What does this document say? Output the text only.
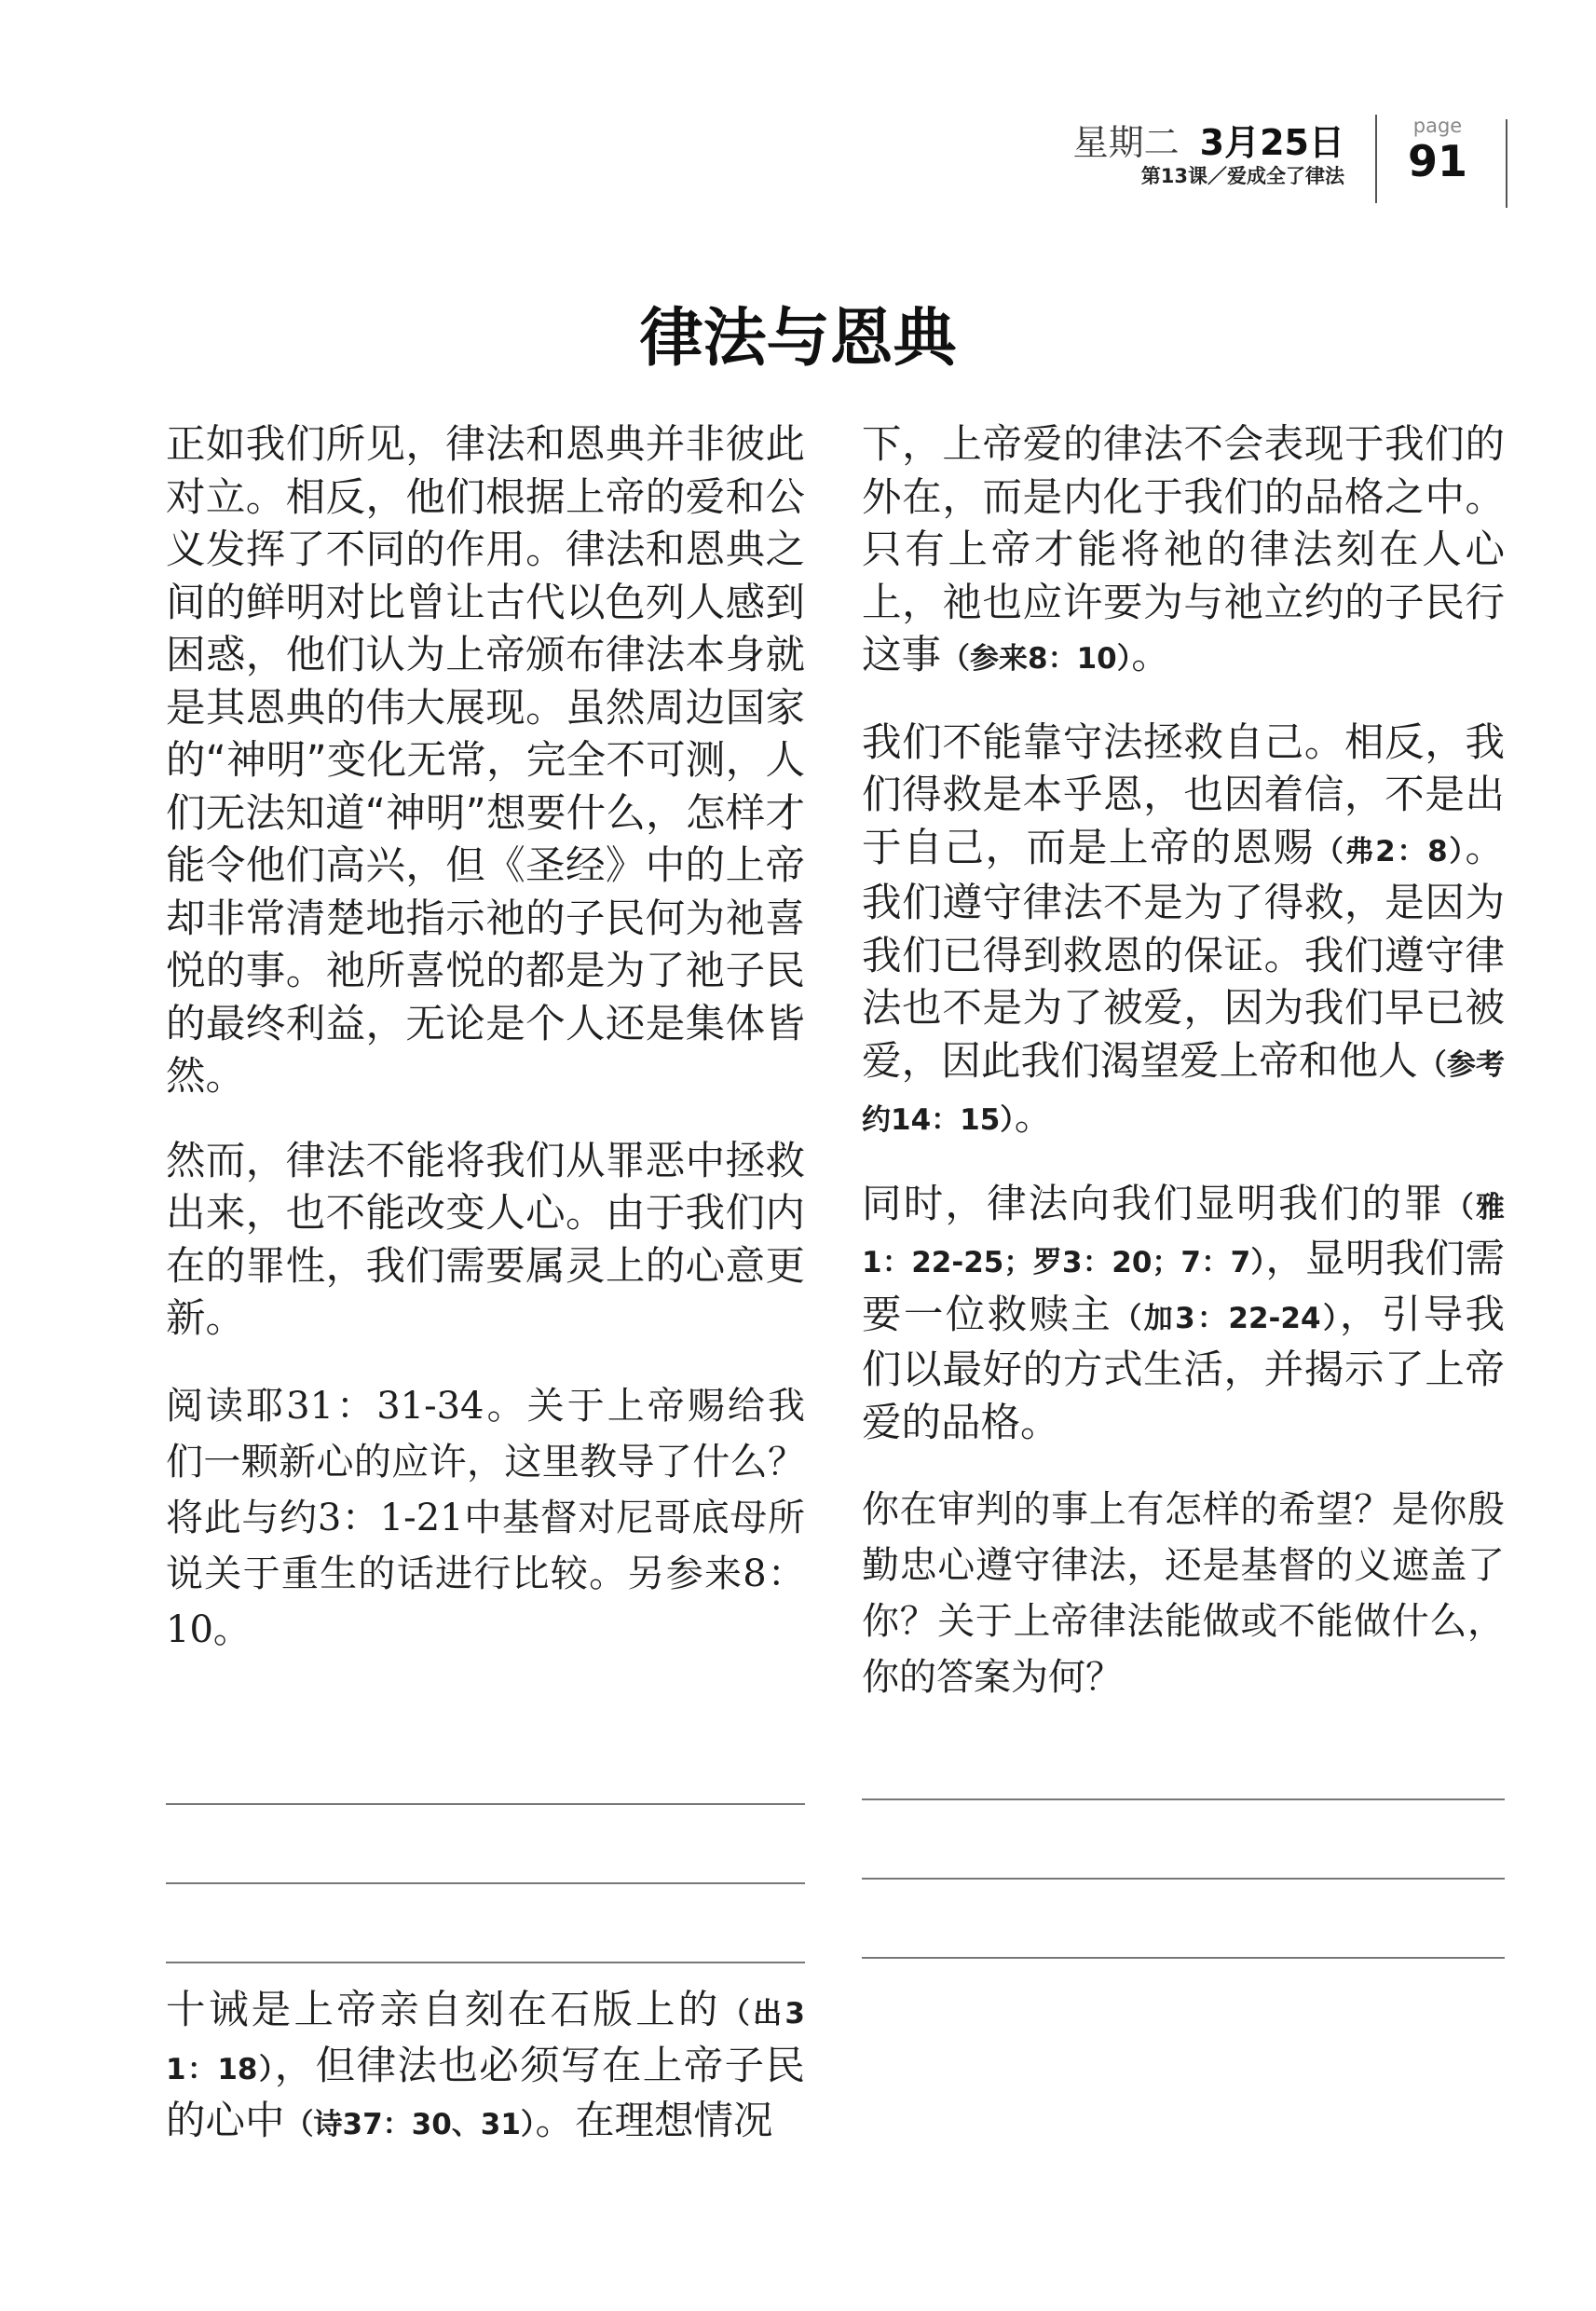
星期二 3月25日
第13课／爱成全了律法
page
91
律法与恩典

正如我们所见，律法和恩典并非彼此对立。相反，他们根据上帝的爱和公义发挥了不同的作用。律法和恩典之间的鲜明对比曾让古代以色列人感到困惑，他们认为上帝颁布律法本身就是其恩典的伟大展现。虽然周边国家的“神明”变化无常，完全不可测，人们无法知道“神明”想要什么，怎样才能令他们高兴，但《圣经》中的上帝却非常清楚地指示祂的子民何为祂喜悦的事。祂所喜悦的都是为了祂子民的最终利益，无论是个人还是集体皆然。

然而，律法不能将我们从罪恶中拯救出来，也不能改变人心。由于我们内在的罪性，我们需要属灵上的心意更新。

阅读耶31：31-34。关于上帝赐给我们一颗新心的应许，这里教导了什么？将此与约3：1-21中基督对尼哥底母所说关于重生的话进行比较。另参来8：10。

十诫是上帝亲自刻在石版上的（出31：18），但律法也必须写在上帝子民的心中（诗37：30、31）。在理想情况

下，上帝爱的律法不会表现于我们的外在，而是内化于我们的品格之中。只有上帝才能将祂的律法刻在人心上，祂也应许要为与祂立约的子民行这事（参来8：10）。

我们不能靠守法拯救自己。相反，我们得救是本乎恩，也因着信，不是出于自己，而是上帝的恩赐（弗2：8）。我们遵守律法不是为了得救，是因为我们已得到救恩的保证。我们遵守律法也不是为了被爱，因为我们早已被爱，因此我们渴望爱上帝和他人（参考约14：15）。

同时，律法向我们显明我们的罪（雅1：22-25；罗3：20；7：7），显明我们需要一位救赎主（加3：22-24），引导我们以最好的方式生活，并揭示了上帝爱的品格。

你在审判的事上有怎样的希望？是你殷勤忠心遵守律法，还是基督的义遮盖了你？关于上帝律法能做或不能做什么，你的答案为何？
